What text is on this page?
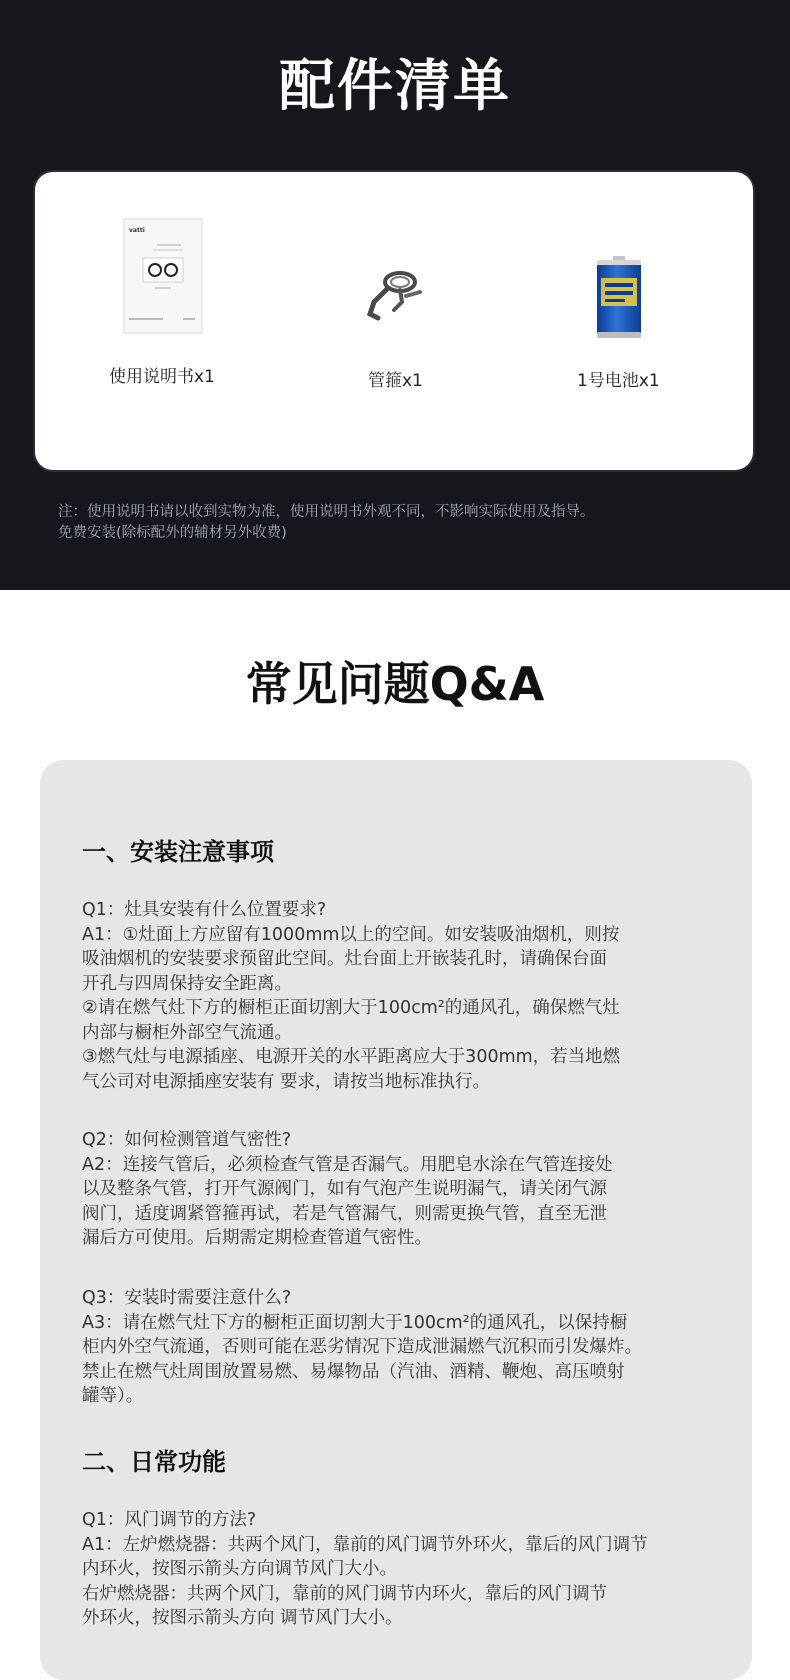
配件清单
vatti
使用说明书x1	管箍x1	1号电池x1
注：使用说明书请以收到实物为准，使用说明书外观不同，不影响实际使用及指导。
免费安装(除标配外的辅材另外收费)
常见问题Q&A
一、安装注意事项
Q1：灶具安装有什么位置要求?
A1：①灶面上方应留有1000mm以上的空间。如安装吸油烟机，则按
吸油烟机的安装要求预留此空间。灶台面上开嵌装孔时，请确保台面
开孔与四周保持安全距离。
②请在燃气灶下方的橱柜正面切割大于100cm²的通风孔，确保燃气灶
内部与橱柜外部空气流通。
③燃气灶与电源插座、电源开关的水平距离应大于300mm，若当地燃
气公司对电源插座安装有 要求，请按当地标准执行。
Q2：如何检测管道气密性?
A2：连接气管后，必须检查气管是否漏气。用肥皂水涂在气管连接处
以及整条气管，打开气源阀门，如有气泡产生说明漏气，请关闭气源
阀门，适度调紧管箍再试，若是气管漏气，则需更换气管，直至无泄
漏后方可使用。后期需定期检查管道气密性。
Q3：安装时需要注意什么?
A3：请在燃气灶下方的橱柜正面切割大于100cm²的通风孔，以保持橱
柜内外空气流通，否则可能在恶劣情况下造成泄漏燃气沉积而引发爆炸。
禁止在燃气灶周围放置易燃、易爆物品（汽油、酒精、鞭炮、高压喷射
罐等）。
二、日常功能
Q1：风门调节的方法?
A1：左炉燃烧器：共两个风门，靠前的风门调节外环火，靠后的风门调节
内环火，按图示箭头方向调节风门大小。
右炉燃烧器：共两个风门，靠前的风门调节内环火，靠后的风门调节
外环火，按图示箭头方向 调节风门大小。
